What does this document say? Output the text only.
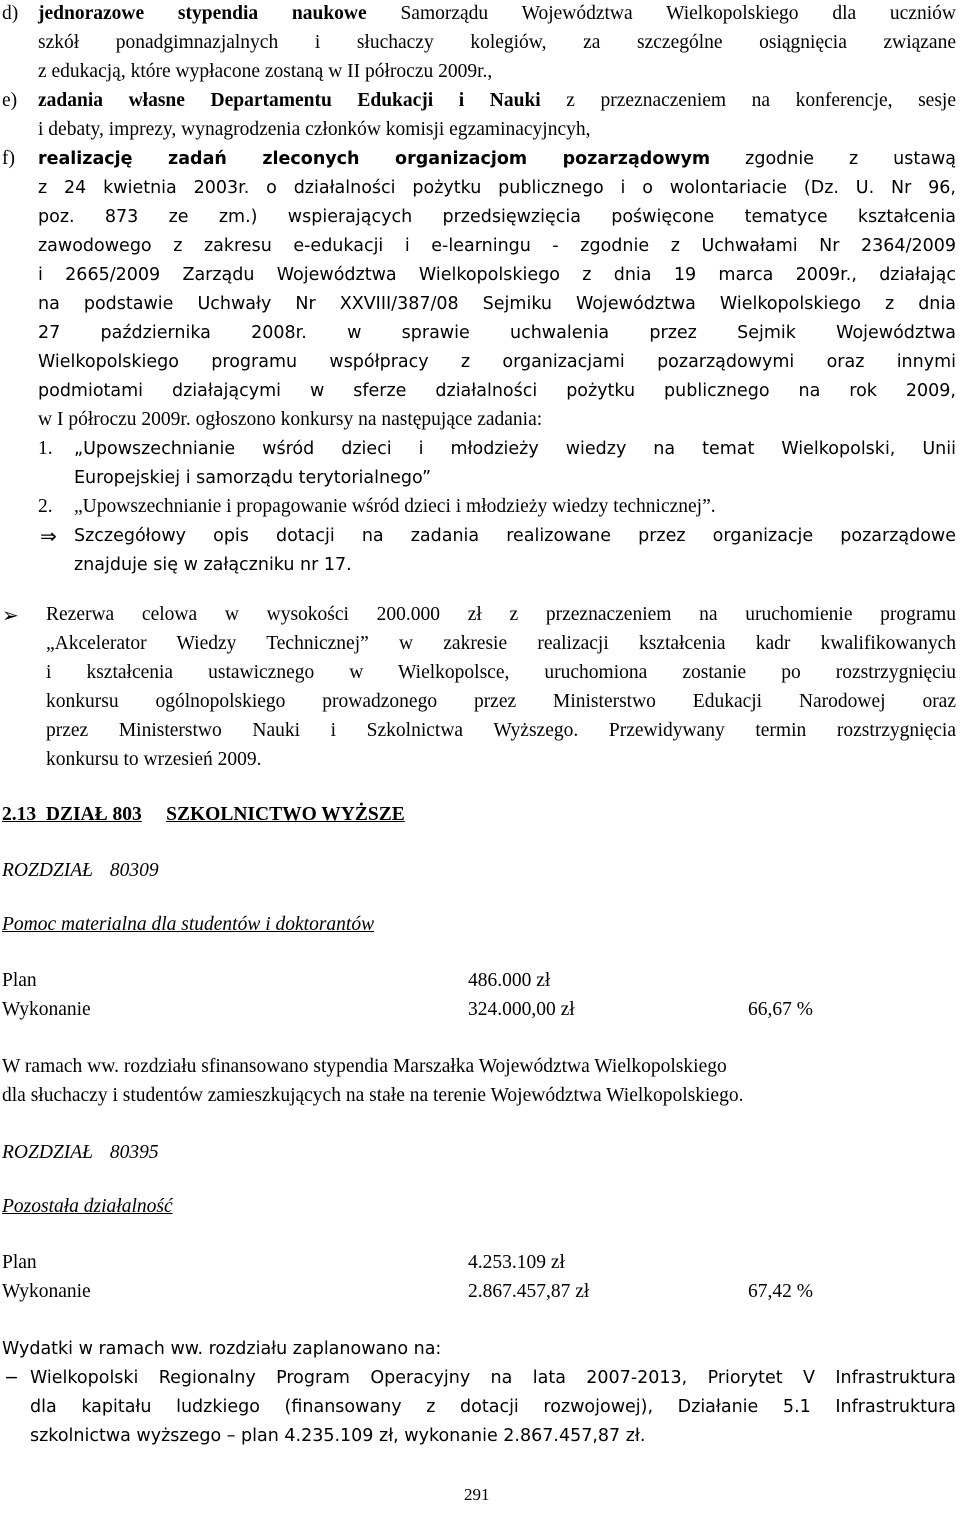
d) jednorazowe stypendia naukowe Samorządu Województwa Wielkopolskiego dla uczniów
szkół ponadgimnazjalnych i słuchaczy kolegiów, za szczególne osiągnięcia związane
z edukacją, które wypłacone zostaną w II półroczu 2009r.,
e) zadania własne Departamentu Edukacji i Nauki z przeznaczeniem na konferencje, sesje
i debaty, imprezy, wynagrodzenia członków komisji egzaminacyjncyh,
f) realizację zadań zleconych organizacjom pozarządowym zgodnie z ustawą
z 24 kwietnia 2003r. o działalności pożytku publicznego i o wolontariacie (Dz. U. Nr 96,
poz. 873 ze zm.) wspierających przedsięwzięcia poświęcone tematyce kształcenia
zawodowego z zakresu e-edukacji i e-learningu - zgodnie z Uchwałami Nr 2364/2009
i 2665/2009 Zarządu Województwa Wielkopolskiego z dnia 19 marca 2009r., działając
na podstawie Uchwały Nr XXVIII/387/08 Sejmiku Województwa Wielkopolskiego z dnia
27 października 2008r. w sprawie uchwalenia przez Sejmik Województwa
Wielkopolskiego programu współpracy z organizacjami pozarządowymi oraz innymi
podmiotami działającymi w sferze działalności pożytku publicznego na rok 2009,
w I półroczu 2009r. ogłoszono konkursy na następujące zadania:
1. „Upowszechnianie wśród dzieci i młodzieży wiedzy na temat Wielkopolski, Unii
Europejskiej i samorządu terytorialnego”
2. „Upowszechnianie i propagowanie wśród dzieci i młodzieży wiedzy technicznej”.
⇒ Szczegółowy opis dotacji na zadania realizowane przez organizacje pozarządowe
znajduje się w załączniku nr 17.
➢ Rezerwa celowa w wysokości 200.000 zł z przeznaczeniem na uruchomienie programu
„Akcelerator Wiedzy Technicznej” w zakresie realizacji kształcenia kadr kwalifikowanych
i kształcenia ustawicznego w Wielkopolsce, uruchomiona zostanie po rozstrzygnięciu
konkursu ogólnopolskiego prowadzonego przez Ministerstwo Edukacji Narodowej oraz
przez Ministerstwo Nauki i Szkolnictwa Wyższego. Przewidywany termin rozstrzygnięcia
konkursu to wrzesień 2009.
2.13 DZIAŁ 803 SZKOLNICTWO WYŻSZE
ROZDZIAŁ 80309
Pomoc materialna dla studentów i doktorantów
Plan	486.000 zł
Wykonanie	324.000,00 zł	66,67 %
W ramach ww. rozdziału sfinansowano stypendia Marszałka Województwa Wielkopolskiego
dla słuchaczy i studentów zamieszkujących na stałe na terenie Województwa Wielkopolskiego.
ROZDZIAŁ 80395
Pozostała działalność
Plan	4.253.109 zł
Wykonanie	2.867.457,87 zł	67,42 %
Wydatki w ramach ww. rozdziału zaplanowano na:
− Wielkopolski Regionalny Program Operacyjny na lata 2007-2013, Priorytet V Infrastruktura
dla kapitału ludzkiego (finansowany z dotacji rozwojowej), Działanie 5.1 Infrastruktura
szkolnictwa wyższego – plan 4.235.109 zł, wykonanie 2.867.457,87 zł.
291
